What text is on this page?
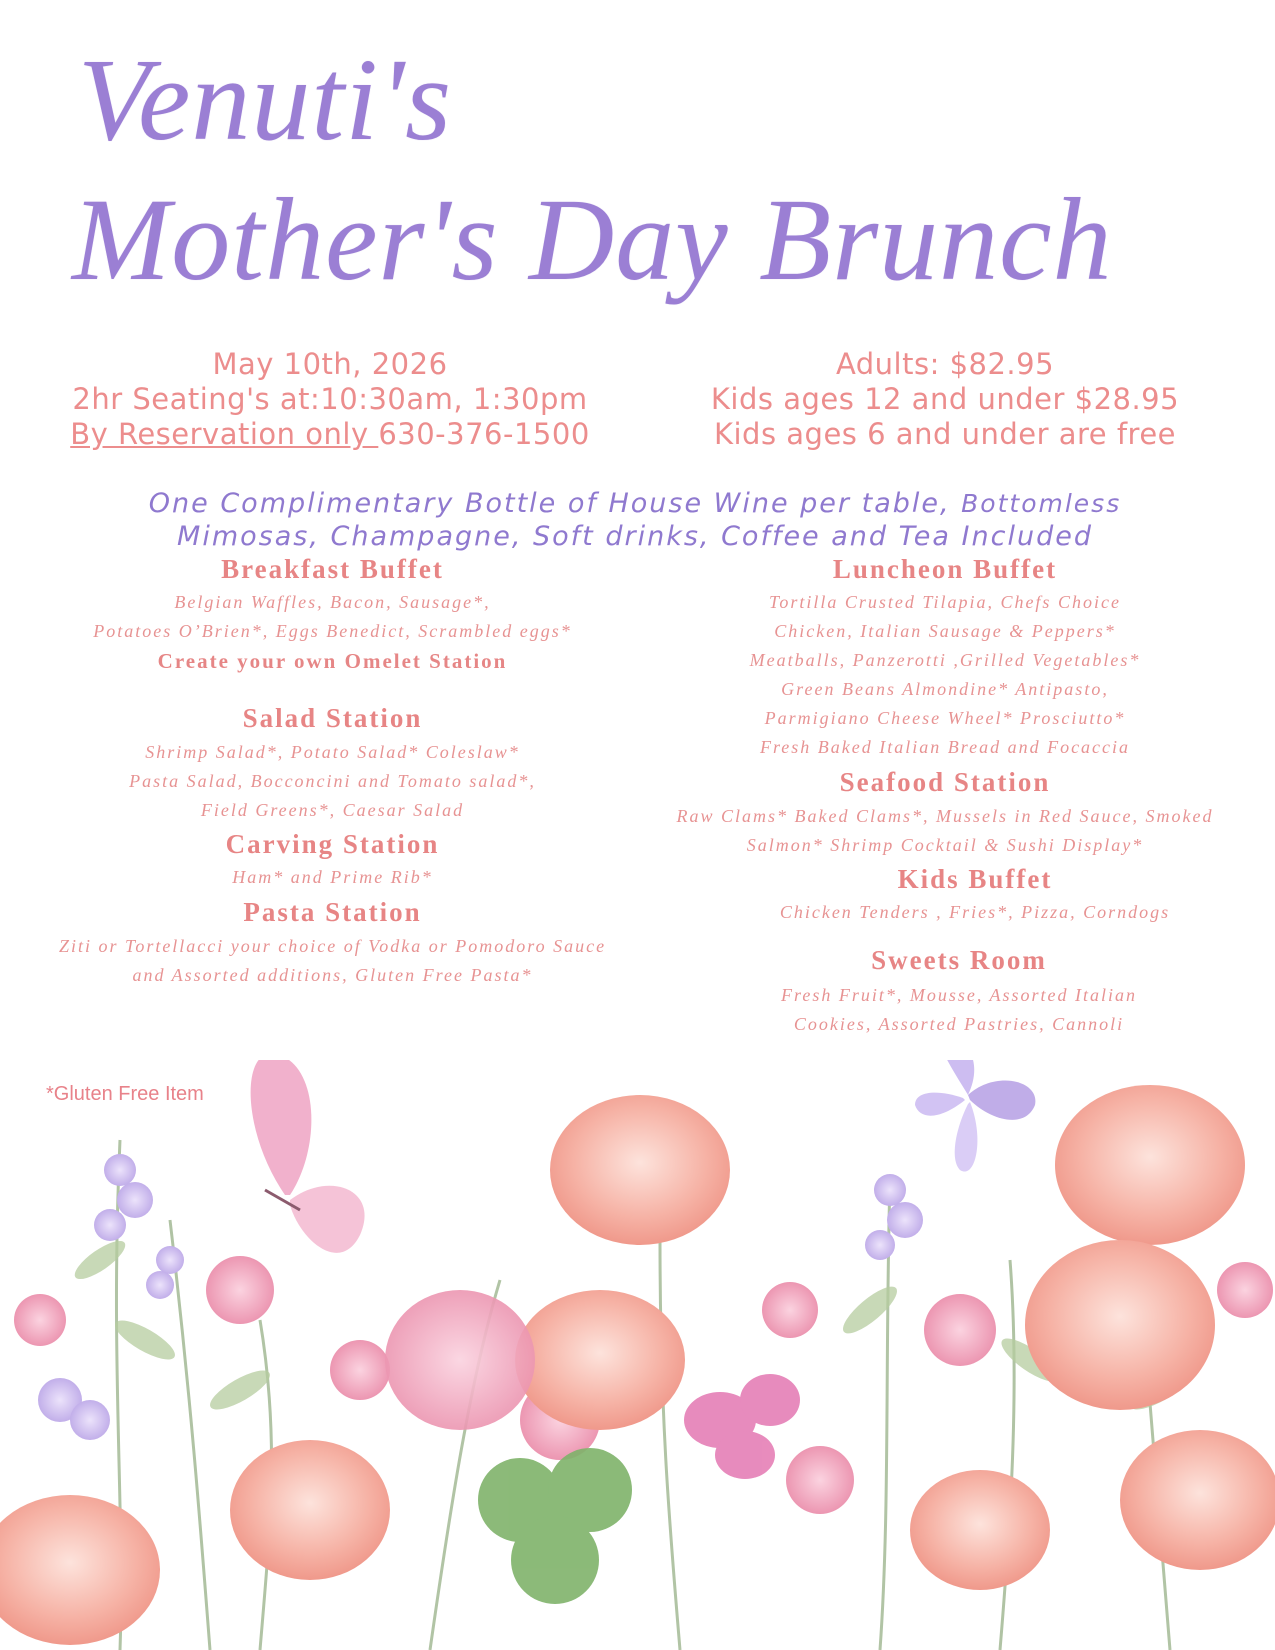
Venuti's
Mother's Day Brunch
May 10th, 2026
2hr Seating's at:10:30am, 1:30pm
By Reservation only 630-376-1500
Adults: $82.95
Kids ages 12 and under $28.95
Kids ages 6 and under are free
One Complimentary Bottle of House Wine per table, Bottomless
Mimosas, Champagne, Soft drinks, Coffee and Tea Included
Breakfast Buffet
Belgian Waffles, Bacon, Sausage*,
Potatoes O’Brien*, Eggs Benedict, Scrambled eggs*
Create your own Omelet Station
Salad Station
Shrimp Salad*, Potato Salad* Coleslaw*
Pasta Salad, Bocconcini and Tomato salad*,
Field Greens*, Caesar Salad
Carving Station
Ham* and Prime Rib*
Pasta Station
Ziti or Tortellacci your choice of Vodka or Pomodoro Sauce
and Assorted additions, Gluten Free Pasta*
Luncheon Buffet
Tortilla Crusted Tilapia, Chefs Choice
Chicken, Italian Sausage & Peppers*
Meatballs, Panzerotti ,Grilled Vegetables*
Green Beans Almondine* Antipasto,
Parmigiano Cheese Wheel* Prosciutto*
Fresh Baked Italian Bread and Focaccia
Seafood Station
Raw Clams* Baked Clams*, Mussels in Red Sauce, Smoked
Salmon* Shrimp Cocktail & Sushi Display*
Kids Buffet
Chicken Tenders , Fries*, Pizza, Corndogs
Sweets Room
Fresh Fruit*, Mousse, Assorted Italian
Cookies, Assorted Pastries, Cannoli
*Gluten Free Item
